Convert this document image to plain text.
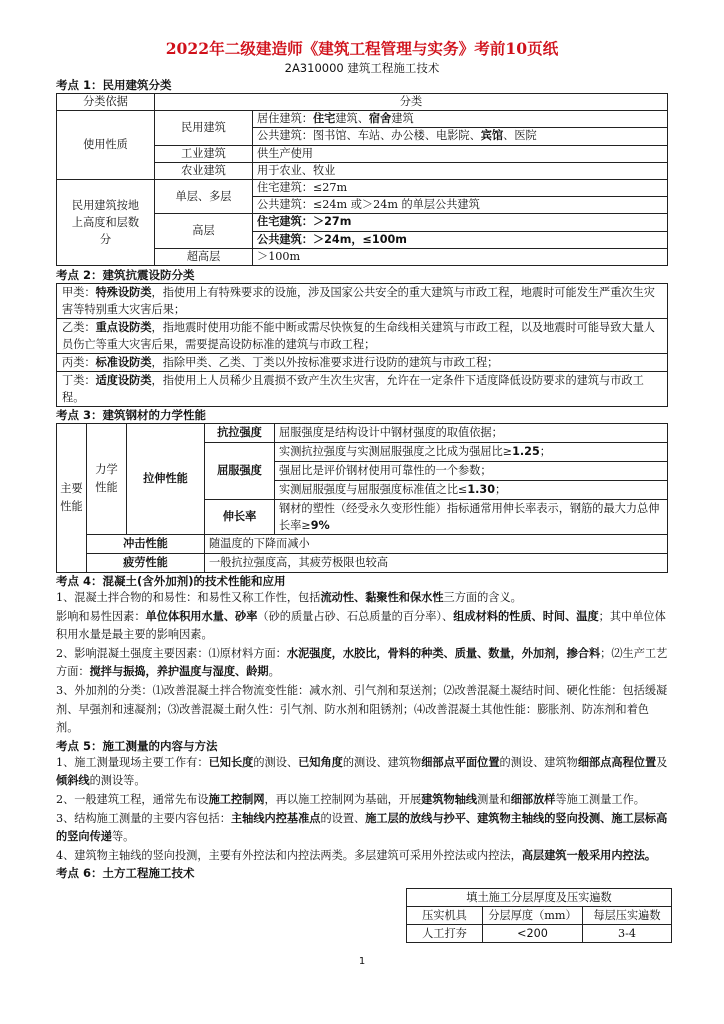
2022年二级建造师《建筑工程管理与实务》考前10页纸
2A310000 建筑工程施工技术
考点 1：民用建筑分类
分类依据	分类	
使用性质	民用建筑	居住建筑：住宅建筑、宿舍建筑
		公共建筑：图书馆、车站、办公楼、电影院、宾馆、医院
	工业建筑	供生产使用
	农业建筑	用于农业、牧业
民用建筑按地上高度和层数分	单层、多层	住宅建筑：≤27m
		公共建筑：≤24m 或＞24m 的单层公共建筑
	高层	住宅建筑：＞27m
		公共建筑：＞24m，≤100m
	超高层	＞100m
考点 2：建筑抗震设防分类
甲类：特殊设防类，指使用上有特殊要求的设施，涉及国家公共安全的重大建筑与市政工程，地震时可能发生严重次生灾害等特别重大灾害后果；
乙类：重点设防类，指地震时使用功能不能中断或需尽快恢复的生命线相关建筑与市政工程，以及地震时可能导致大量人员伤亡等重大灾害后果，需要提高设防标准的建筑与市政工程；
丙类：标准设防类，指除甲类、乙类、丁类以外按标准要求进行设防的建筑与市政工程；
丁类：适度设防类，指使用上人员稀少且震损不致产生次生灾害，允许在一定条件下适度降低设防要求的建筑与市政工程。
考点 3：建筑钢材的力学性能
主要性能	力学性能	拉伸性能	抗拉强度	屈服强度是结构设计中钢材强度的取值依据；
			屈服强度	实测抗拉强度与实测屈服强度之比成为强屈比≥1.25；
				强屈比是评价钢材使用可靠性的一个参数；
				实测屈服强度与屈服强度标准值之比≤1.30；
			伸长率	钢材的塑性（经受永久变形性能）指标通常用伸长率表示，钢筋的最大力总伸长率≥9%
	冲击性能		随温度的下降而减小	
	疲劳性能		一般抗拉强度高，其疲劳极限也较高	
考点 4：混凝土(含外加剂)的技术性能和应用
1、混凝土拌合物的和易性：和易性又称工作性，包括流动性、黏聚性和保水性三方面的含义。
影响和易性因素：单位体积用水量、砂率（砂的质量占砂、石总质量的百分率）、组成材料的性质、时间、温度；其中单位体积用水量是最主要的影响因素。
2、影响混凝土强度主要因素：⑴原材料方面：水泥强度，水胶比，骨料的种类、质量、数量，外加剂，掺合料；⑵生产工艺方面：搅拌与振捣，养护温度与湿度、龄期。
3、外加剂的分类：⑴改善混凝土拌合物流变性能：减水剂、引气剂和泵送剂；⑵改善混凝土凝结时间、硬化性能：包括缓凝剂、早强剂和速凝剂；⑶改善混凝土耐久性：引气剂、防水剂和阻锈剂；⑷改善混凝土其他性能：膨胀剂、防冻剂和着色剂。
考点 5：施工测量的内容与方法
1、施工测量现场主要工作有：已知长度的测设、已知角度的测设、建筑物细部点平面位置的测设、建筑物细部点高程位置及倾斜线的测设等。
2、一般建筑工程，通常先布设施工控制网，再以施工控制网为基础，开展建筑物轴线测量和细部放样等施工测量工作。
3、结构施工测量的主要内容包括：主轴线内控基准点的设置、施工层的放线与抄平、建筑物主轴线的竖向投测、施工层标高的竖向传递等。
4、建筑物主轴线的竖向投测，主要有外控法和内控法两类。多层建筑可采用外控法或内控法，高层建筑一般采用内控法。
考点 6：土方工程施工技术
填土施工分层厚度及压实遍数		
压实机具	分层厚度（mm）	每层压实遍数
人工打夯	<200	3-4
1
